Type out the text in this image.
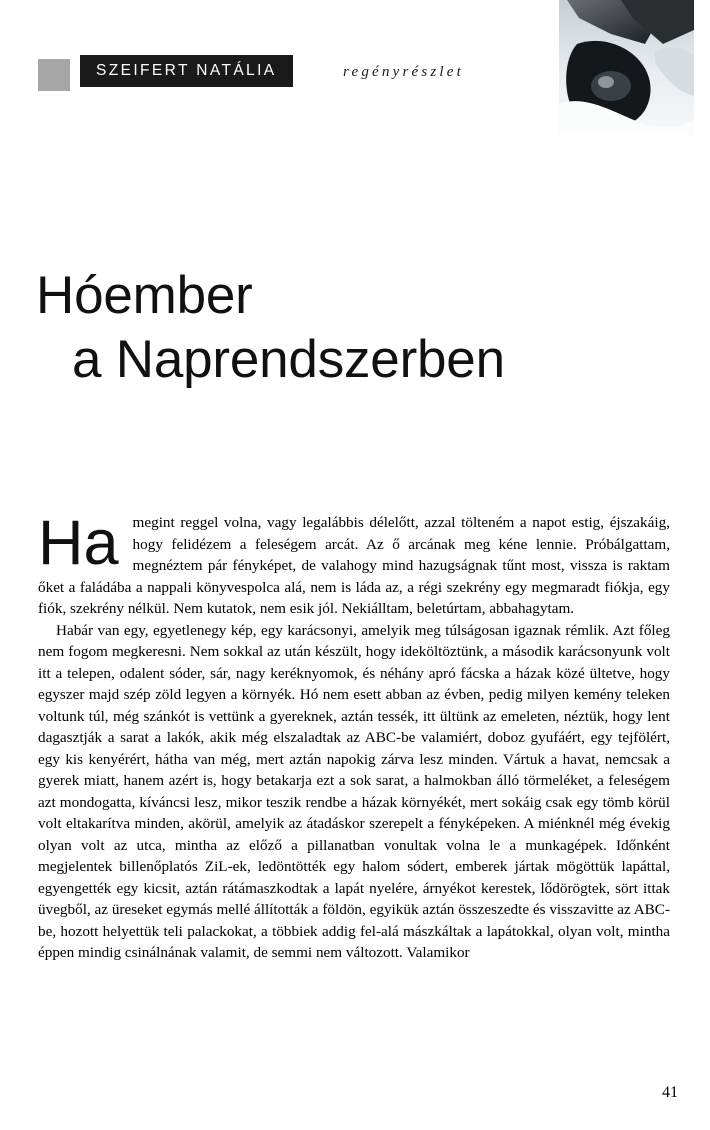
SZEIFERT NATÁLIA	regényrészlet
Hóember
a Naprendszerben
Ha megint reggel volna, vagy legalábbis délelőtt, azzal tölteném a napot estig, éjszakáig, hogy felidézem a feleségem arcát. Az ő arcának meg kéne lennie. Próbálgattam, megnéztem pár fényképet, de valahogy mind hazugságnak tűnt most, vissza is raktam őket a faládába a nappali könyvespolca alá, nem is láda az, a régi szekrény egy megmaradt fiókja, egy fiók, szekrény nélkül. Nem kutatok, nem esik jól. Nekiálltam, beletúrtam, abbahagytam.

Habár van egy, egyetlenegy kép, egy karácsonyi, amelyik meg túlságosan igaznak rémlik. Azt főleg nem fogom megkeresni. Nem sokkal az után készült, hogy ideköltöztünk, a második karácsonyunk volt itt a telepen, odalent sóder, sár, nagy keréknyomok, és néhány apró fácska a házak közé ültetve, hogy egyszer majd szép zöld legyen a környék. Hó nem esett abban az évben, pedig milyen kemény teleken voltunk túl, még szánkót is vettünk a gyereknek, aztán tessék, itt ültünk az emeleten, néztük, hogy lent dagasztják a sarat a lakók, akik még elszaladtak az ABC-be valamiért, doboz gyufáért, egy tejfölért, egy kis kenyérért, hátha van még, mert aztán napokig zárva lesz minden. Vártuk a havat, nemcsak a gyerek miatt, hanem azért is, hogy betakarja ezt a sok sarat, a halmokban álló törmeléket, a feleségem azt mondogatta, kíváncsi lesz, mikor teszik rendbe a házak környékét, mert sokáig csak egy tömb körül volt eltakarítva minden, akörül, amelyik az átadáskor szerepelt a fényképeken. A miénknél még évekig olyan volt az utca, mintha az előző a pillanatban vonultak volna le a munkagépek. Időnként megjelentek billenőplatós ZiL-ek, ledöntötték egy halom sódert, emberek jártak mögöttük lapáttal, egyengették egy kicsit, aztán rátámaszkodtak a lapát nyelére, árnyékot kerestek, lődörögtek, sört ittak üvegből, az üreseket egymás mellé állították a földön, egyikük aztán összeszedte és visszavitte az ABC-be, hozott helyettük teli palackokat, a többiek addig fel-alá mászkáltak a lapátokkal, olyan volt, mintha éppen mindig csinálnának valamit, de semmi nem változott. Valamikor

41
